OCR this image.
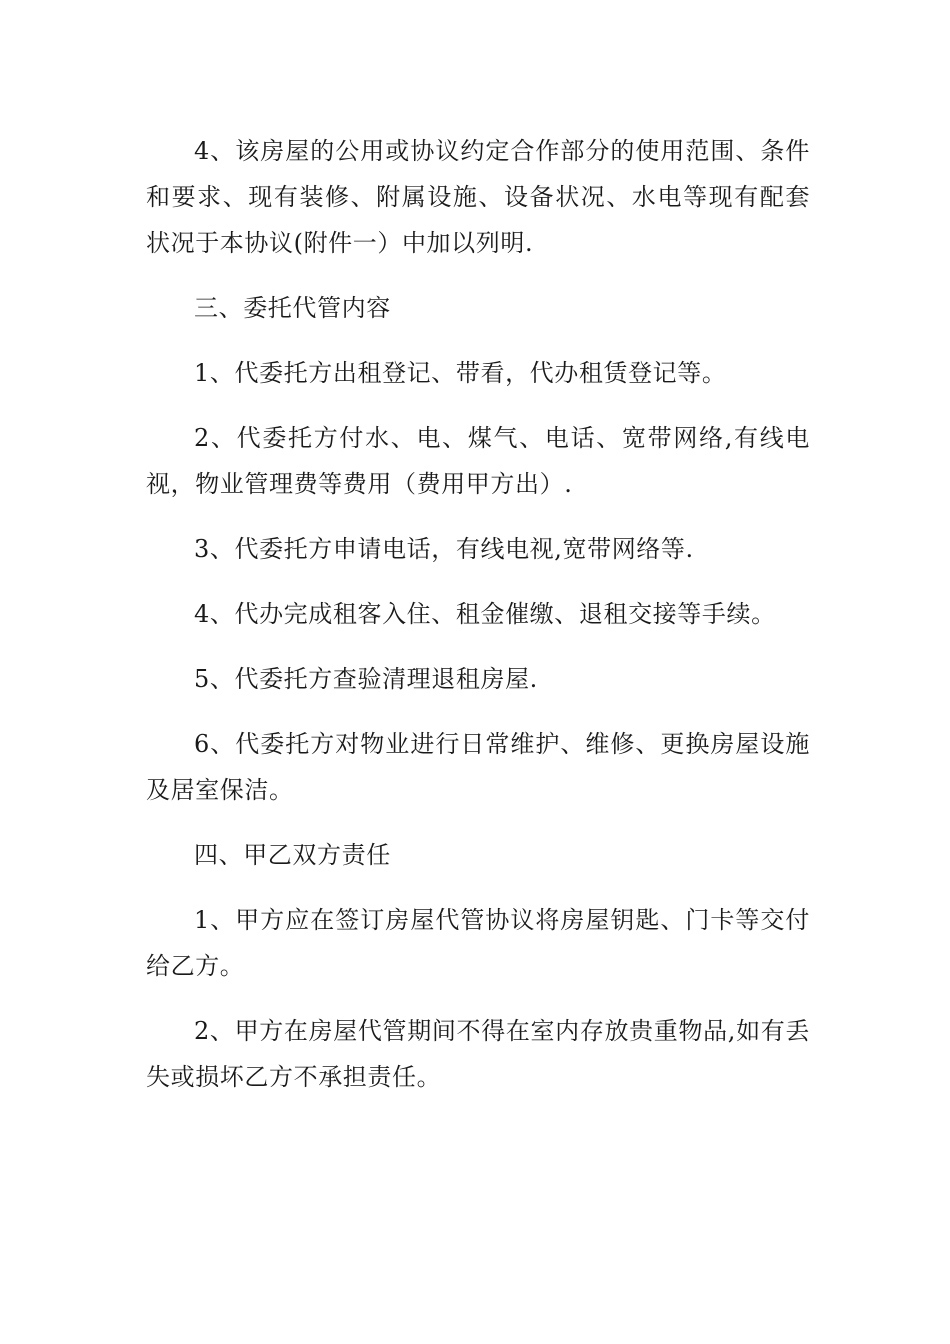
4、该房屋的公用或协议约定合作部分的使用范围、条件和要求、现有装修、附属设施、设备状况、水电等现有配套状况于本协议(附件一）中加以列明.

三、委托代管内容

1、代委托方出租登记、带看，代办租赁登记等。

2、代委托方付水、电、煤气、电话、宽带网络,有线电视，物业管理费等费用（费用甲方出）.

3、代委托方申请电话，有线电视,宽带网络等.

4、代办完成租客入住、租金催缴、退租交接等手续。

5、代委托方查验清理退租房屋.

6、代委托方对物业进行日常维护、维修、更换房屋设施及居室保洁。

四、甲乙双方责任

1、甲方应在签订房屋代管协议将房屋钥匙、门卡等交付给乙方。

2、甲方在房屋代管期间不得在室内存放贵重物品,如有丢失或损坏乙方不承担责任。
